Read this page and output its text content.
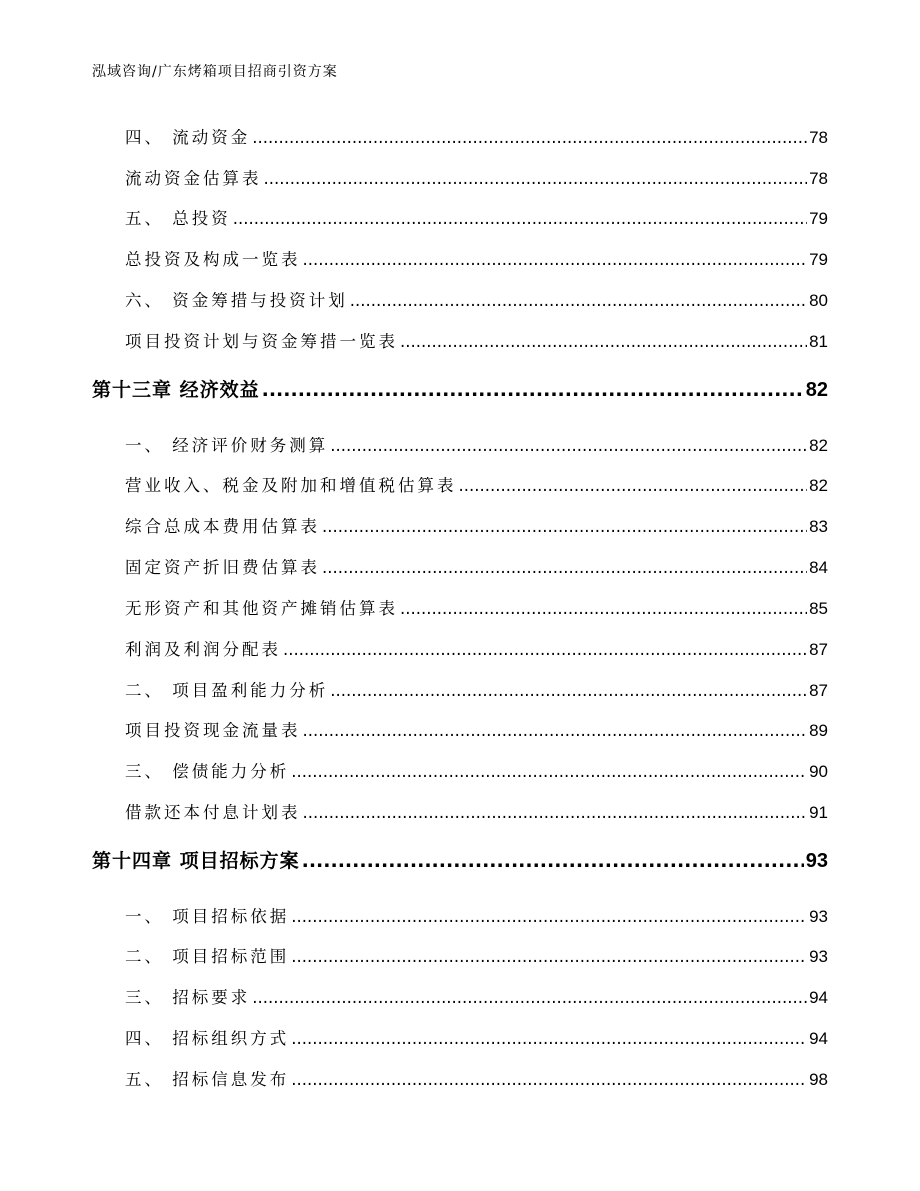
泓域咨询/广东烤箱项目招商引资方案
四、 流动资金 .....	78
流动资金估算表 .....	78
五、 总投资 .....	79
总投资及构成一览表 .....	79
六、 资金筹措与投资计划 .....	80
项目投资计划与资金筹措一览表 .....	81
第十三章 经济效益 .....	82
一、 经济评价财务测算 .....	82
营业收入、税金及附加和增值税估算表 .....	82
综合总成本费用估算表 .....	83
固定资产折旧费估算表 .....	84
无形资产和其他资产摊销估算表 .....	85
利润及利润分配表 .....	87
二、 项目盈利能力分析 .....	87
项目投资现金流量表 .....	89
三、 偿债能力分析 .....	90
借款还本付息计划表 .....	91
第十四章 项目招标方案 .....	93
一、 项目招标依据 .....	93
二、 项目招标范围 .....	93
三、 招标要求 .....	94
四、 招标组织方式 .....	94
五、 招标信息发布 .....	98
